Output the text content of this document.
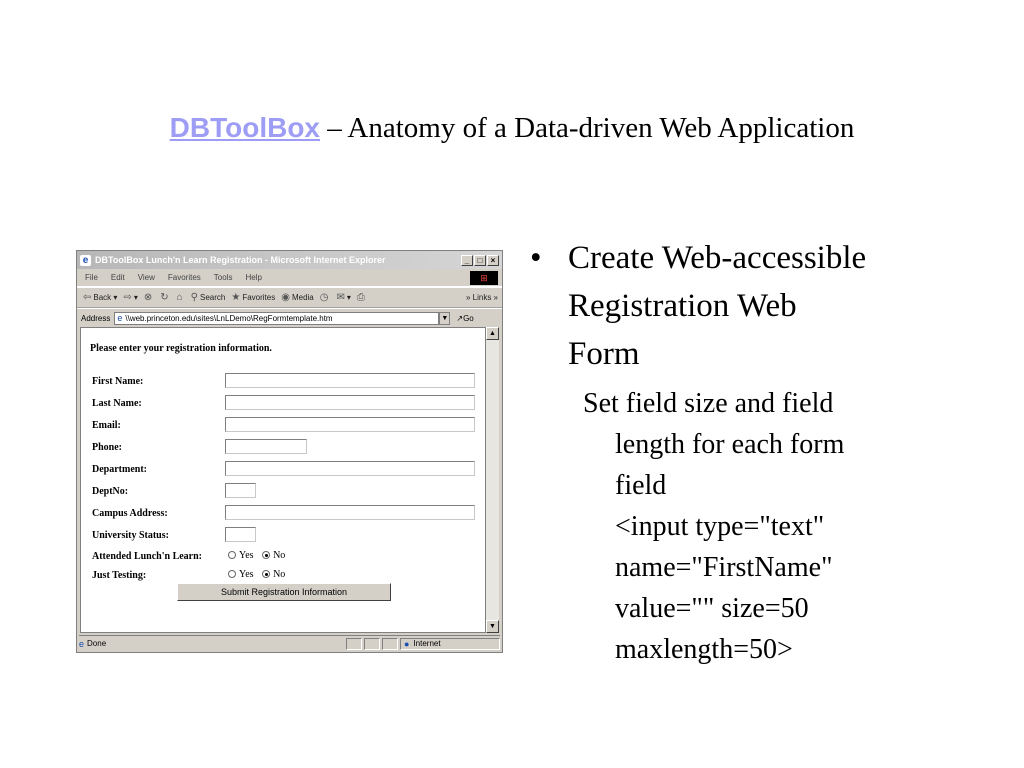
DBToolBox – Anatomy of a Data-driven Web Application
e DBToolBox Lunch'n Learn Registration - Microsoft Internet Explorer	_	□	×
File Edit View Favorites Tools Help	⊞
⇦ Back ▾ ⇨ ▾ ⊗ ↻ ⌂ ⚲ Search ★ Favorites ◉ Media ◷ ✉ ▾ ⎙	» Links »
Address e \\web.princeton.edu\sites\LnLDemo\RegFormtemplate.htm	▼ ↗Go
Please enter your registration information.
First Name:
Last Name:
Email:
Phone:
Department:
DeptNo:
Campus Address:
University Status:
Attended Lunch'n Learn:	Yes No
Just Testing:	Yes No
Submit Registration Information
▲
▼
e Done	● Internet
• Create Web-accessible
Registration Web
Form
Set field size and field
length for each form
field
<input type="text"
name="FirstName"
value="" size=50
maxlength=50>
